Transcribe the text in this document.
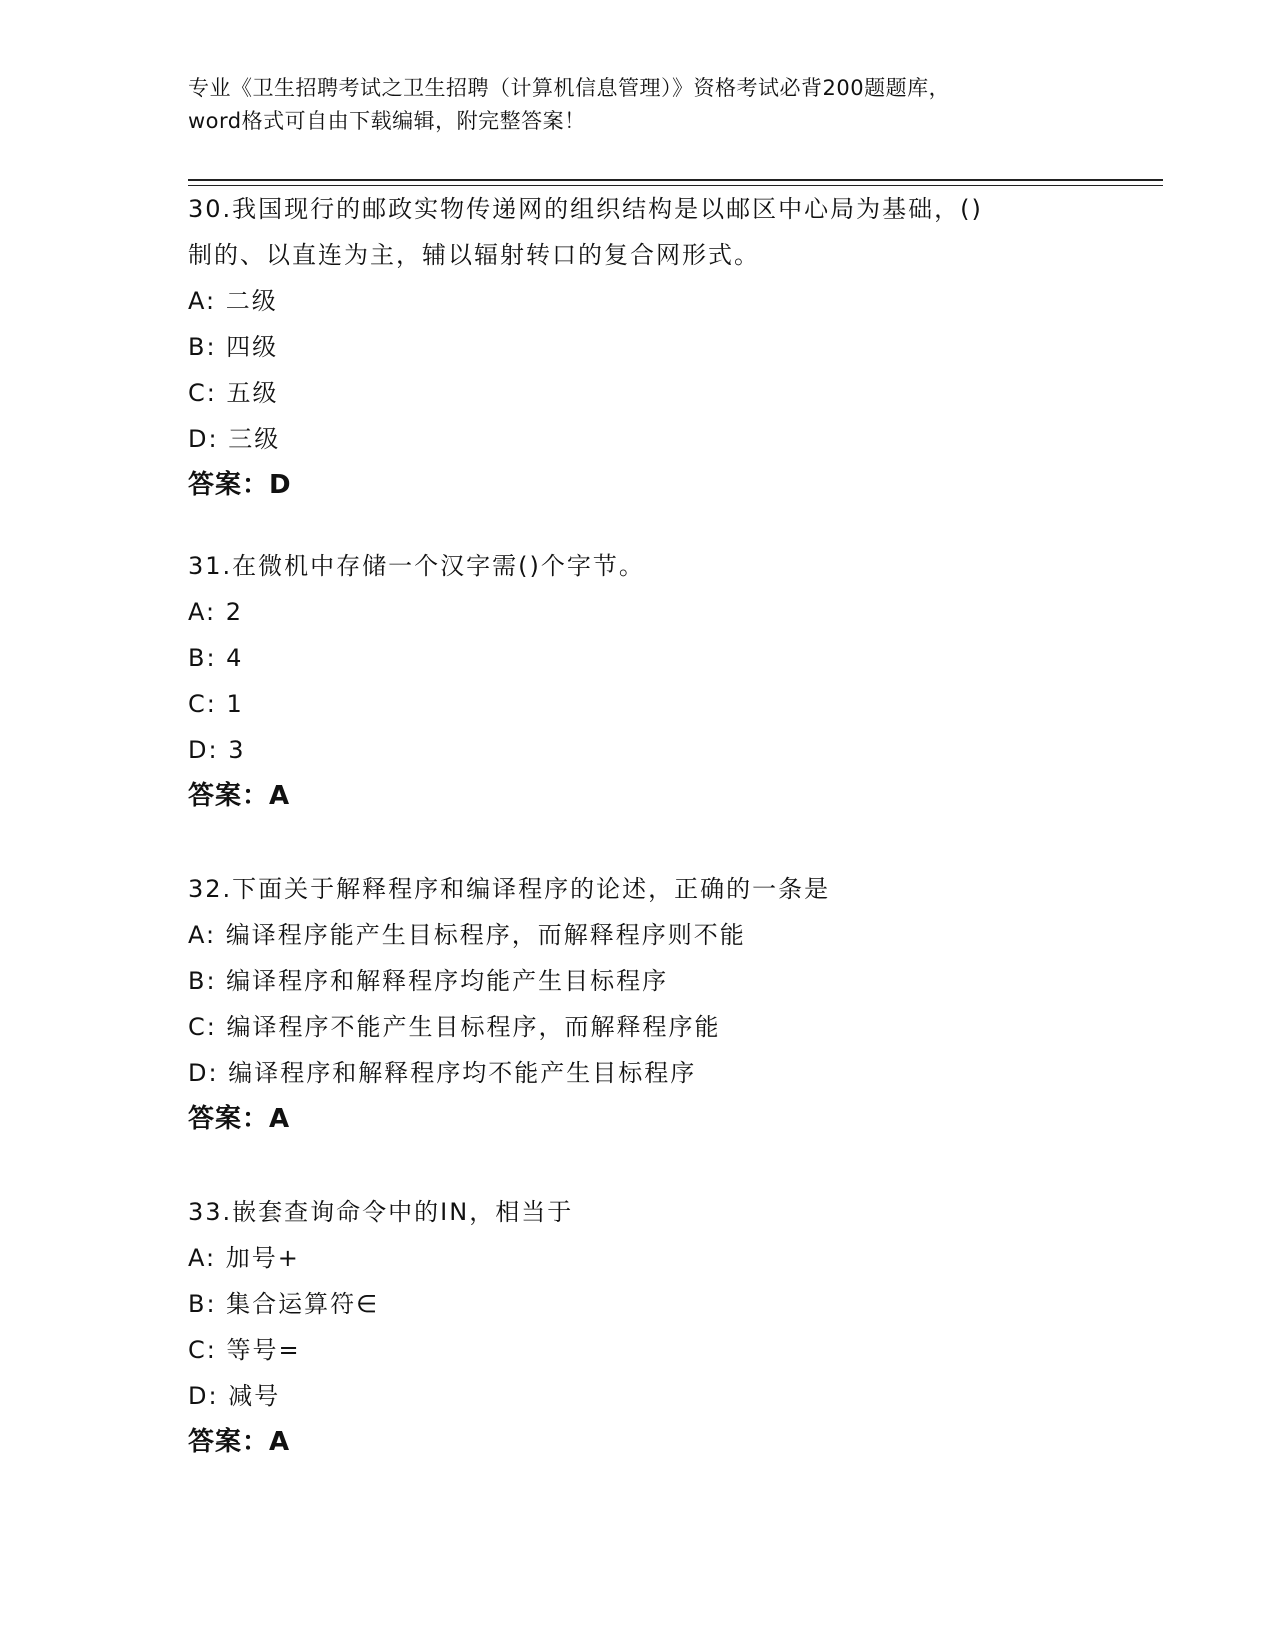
专业《卫生招聘考试之卫生招聘（计算机信息管理）》资格考试必背200题题库，
word格式可自由下载编辑，附完整答案！
30.我国现行的邮政实物传递网的组织结构是以邮区中心局为基础，()
制的、以直连为主，辅以辐射转口的复合网形式。
A: 二级
B: 四级
C: 五级
D: 三级
答案：D
31.在微机中存储一个汉字需()个字节。
A: 2
B: 4
C: 1
D: 3
答案：A
32.下面关于解释程序和编译程序的论述，正确的一条是
A: 编译程序能产生目标程序，而解释程序则不能
B: 编译程序和解释程序均能产生目标程序
C: 编译程序不能产生目标程序，而解释程序能
D: 编译程序和解释程序均不能产生目标程序
答案：A
33.嵌套查询命令中的IN，相当于
A: 加号+
B: 集合运算符∈
C: 等号=
D: 减号
答案：A
